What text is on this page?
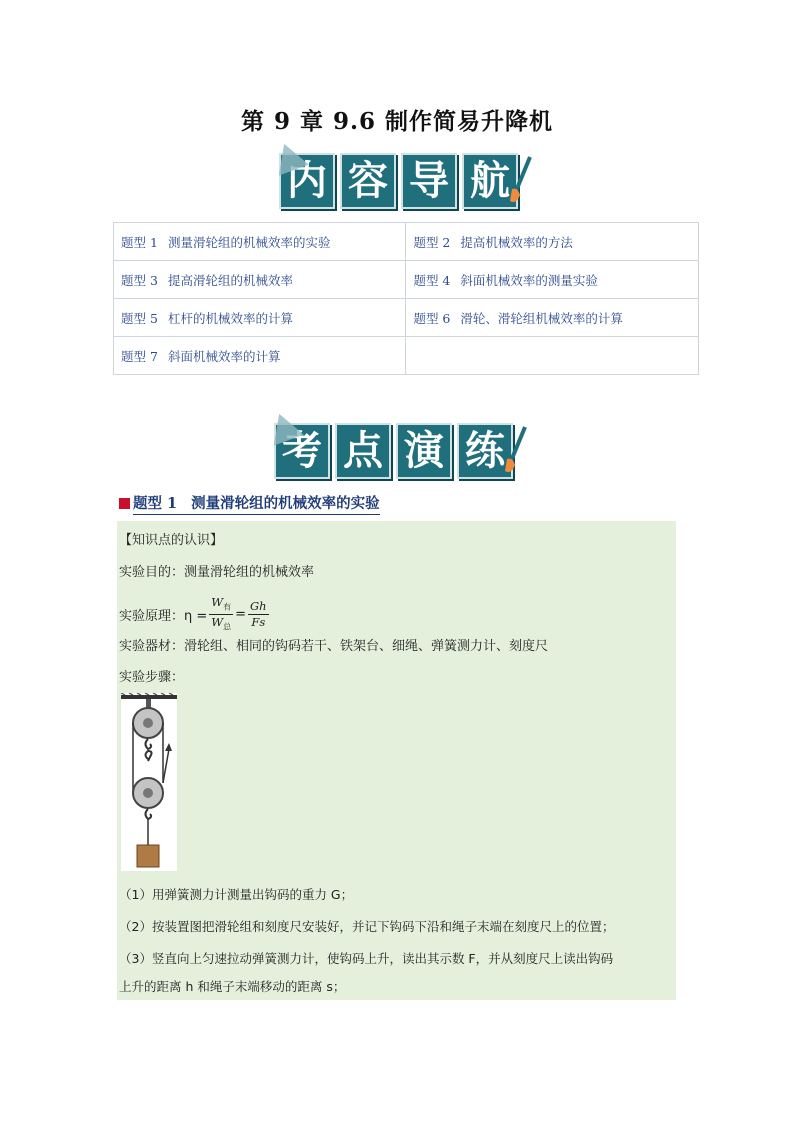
第 9 章 9.6 制作简易升降机
内 容 导 航
题型 1 测量滑轮组的机械效率的实验	题型 2 提高机械效率的方法
题型 3 提高滑轮组的机械效率	题型 4 斜面机械效率的测量实验
题型 5 杠杆的机械效率的计算	题型 6 滑轮、滑轮组机械效率的计算
题型 7 斜面机械效率的计算	
考 点 演 练
题型 1 测量滑轮组的机械效率的实验
【知识点的认识】
实验目的：测量滑轮组的机械效率
实验原理：$\eta = \frac{W_有}{W_总} = \frac{Gh}{Fs}$
实验器材：滑轮组、相同的钩码若干、铁架台、细绳、弹簧测力计、刻度尺
实验步骤：
（1）用弹簧测力计测量出钩码的重力 G；
（2）按装置图把滑轮组和刻度尺安装好，并记下钩码下沿和绳子末端在刻度尺上的位置；
（3）竖直向上匀速拉动弹簧测力计，使钩码上升，读出其示数 F，并从刻度尺上读出钩码
上升的距离 h 和绳子末端移动的距离 s；
